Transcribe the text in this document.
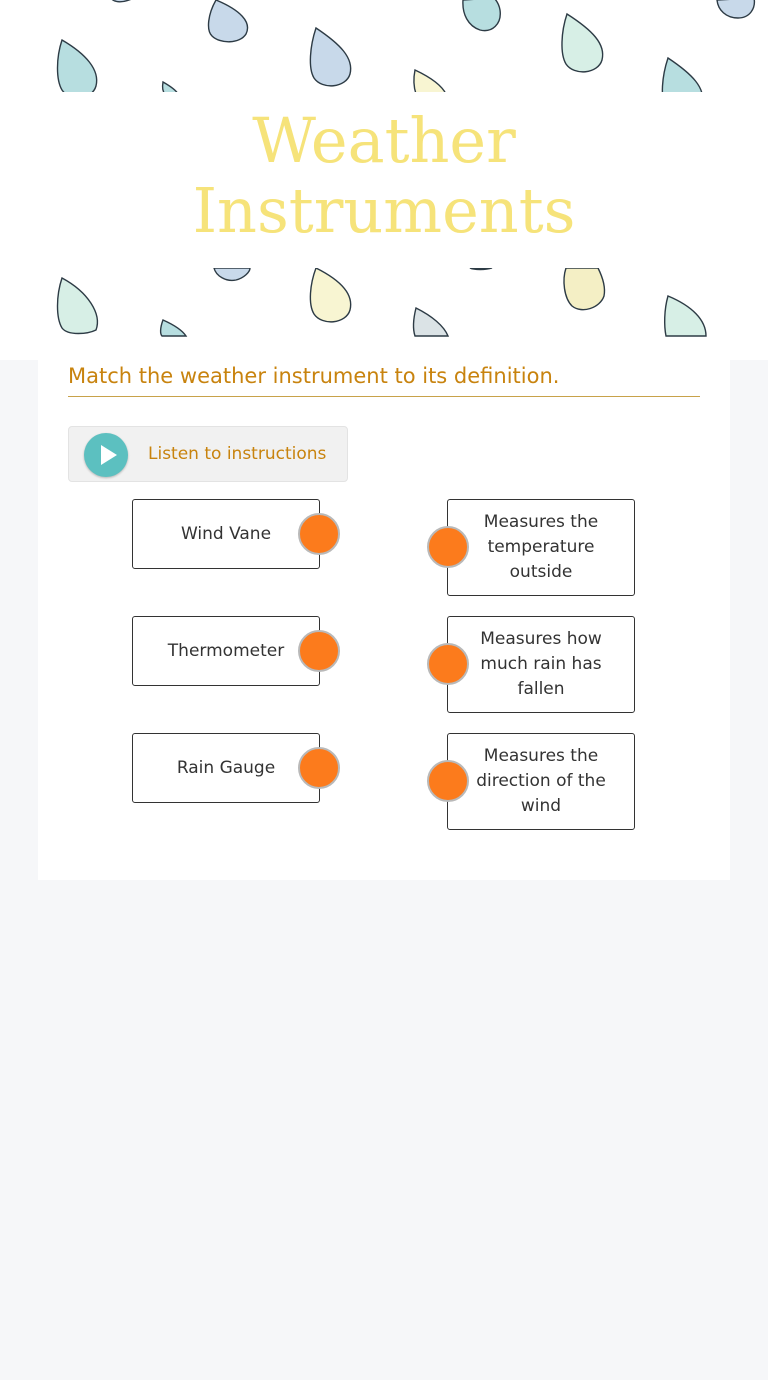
Weather
Instruments
Match the weather instrument to its definition.
Listen to instructions
Wind Vane
Thermometer
Rain Gauge
Measures the temperature outside
Measures how much rain has fallen
Measures the direction of the wind
